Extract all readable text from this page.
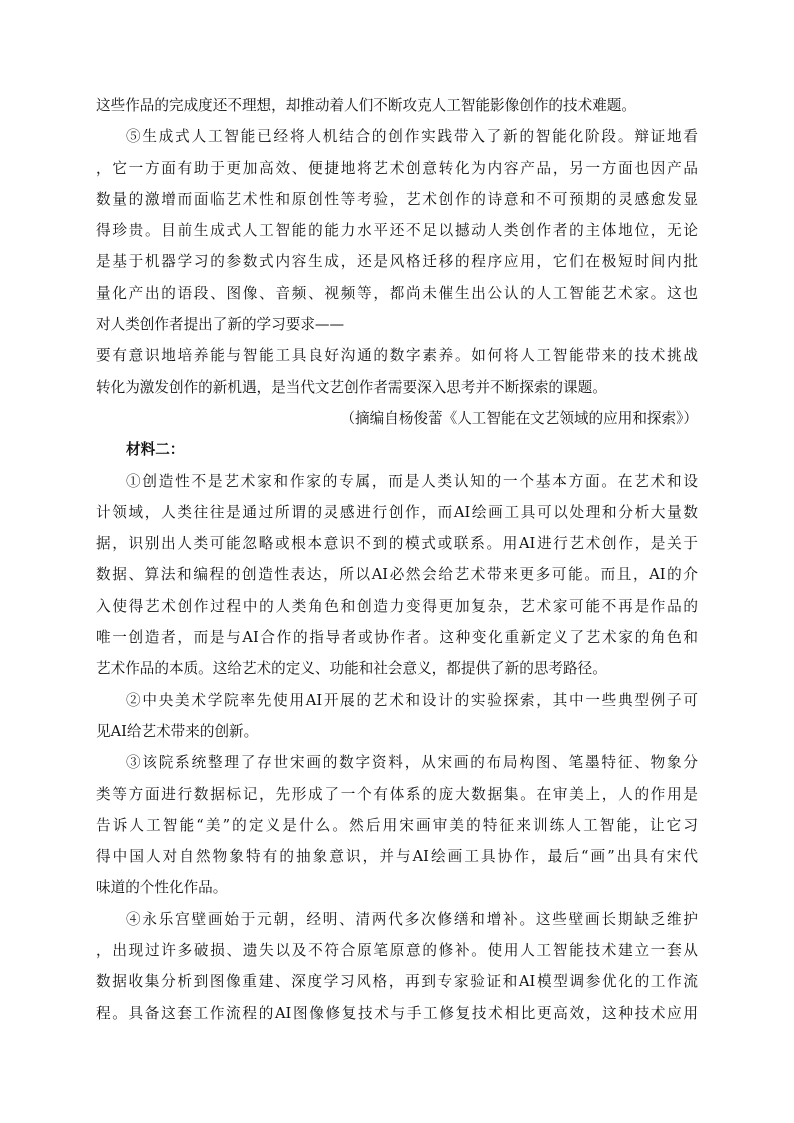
这些作品的完成度还不理想，却推动着人们不断攻克人工智能影像创作的技术难题。
⑤生成式人工智能已经将人机结合的创作实践带入了新的智能化阶段。辩证地看
，它一方面有助于更加高效、便捷地将艺术创意转化为内容产品，另一方面也因产品
数量的激增而面临艺术性和原创性等考验，艺术创作的诗意和不可预期的灵感愈发显
得珍贵。目前生成式人工智能的能力水平还不足以撼动人类创作者的主体地位，无论
是基于机器学习的参数式内容生成，还是风格迁移的程序应用，它们在极短时间内批
量化产出的语段、图像、音频、视频等，都尚未催生出公认的人工智能艺术家。这也
对人类创作者提出了新的学习要求——
要有意识地培养能与智能工具良好沟通的数字素养。如何将人工智能带来的技术挑战
转化为激发创作的新机遇，是当代文艺创作者需要深入思考并不断探索的课题。
（摘编自杨俊蕾《人工智能在文艺领域的应用和探索》）
材料二：
①创造性不是艺术家和作家的专属，而是人类认知的一个基本方面。在艺术和设
计领域，人类往往是通过所谓的灵感进行创作，而AI绘画工具可以处理和分析大量数
据，识别出人类可能忽略或根本意识不到的模式或联系。用AI进行艺术创作，是关于
数据、算法和编程的创造性表达，所以AI必然会给艺术带来更多可能。而且，AI的介
入使得艺术创作过程中的人类角色和创造力变得更加复杂，艺术家可能不再是作品的
唯一创造者，而是与AI合作的指导者或协作者。这种变化重新定义了艺术家的角色和
艺术作品的本质。这给艺术的定义、功能和社会意义，都提供了新的思考路径。
②中央美术学院率先使用AI开展的艺术和设计的实验探索，其中一些典型例子可
见AI给艺术带来的创新。
③该院系统整理了存世宋画的数字资料，从宋画的布局构图、笔墨特征、物象分
类等方面进行数据标记，先形成了一个有体系的庞大数据集。在审美上，人的作用是
告诉人工智能“美”的定义是什么。然后用宋画审美的特征来训练人工智能，让它习
得中国人对自然物象特有的抽象意识，并与AI绘画工具协作，最后“画”出具有宋代
味道的个性化作品。
④永乐宫壁画始于元朝，经明、清两代多次修缮和增补。这些壁画长期缺乏维护
，出现过许多破损、遗失以及不符合原笔原意的修补。使用人工智能技术建立一套从
数据收集分析到图像重建、深度学习风格，再到专家验证和AI模型调参优化的工作流
程。具备这套工作流程的AI图像修复技术与手工修复技术相比更高效，这种技术应用
